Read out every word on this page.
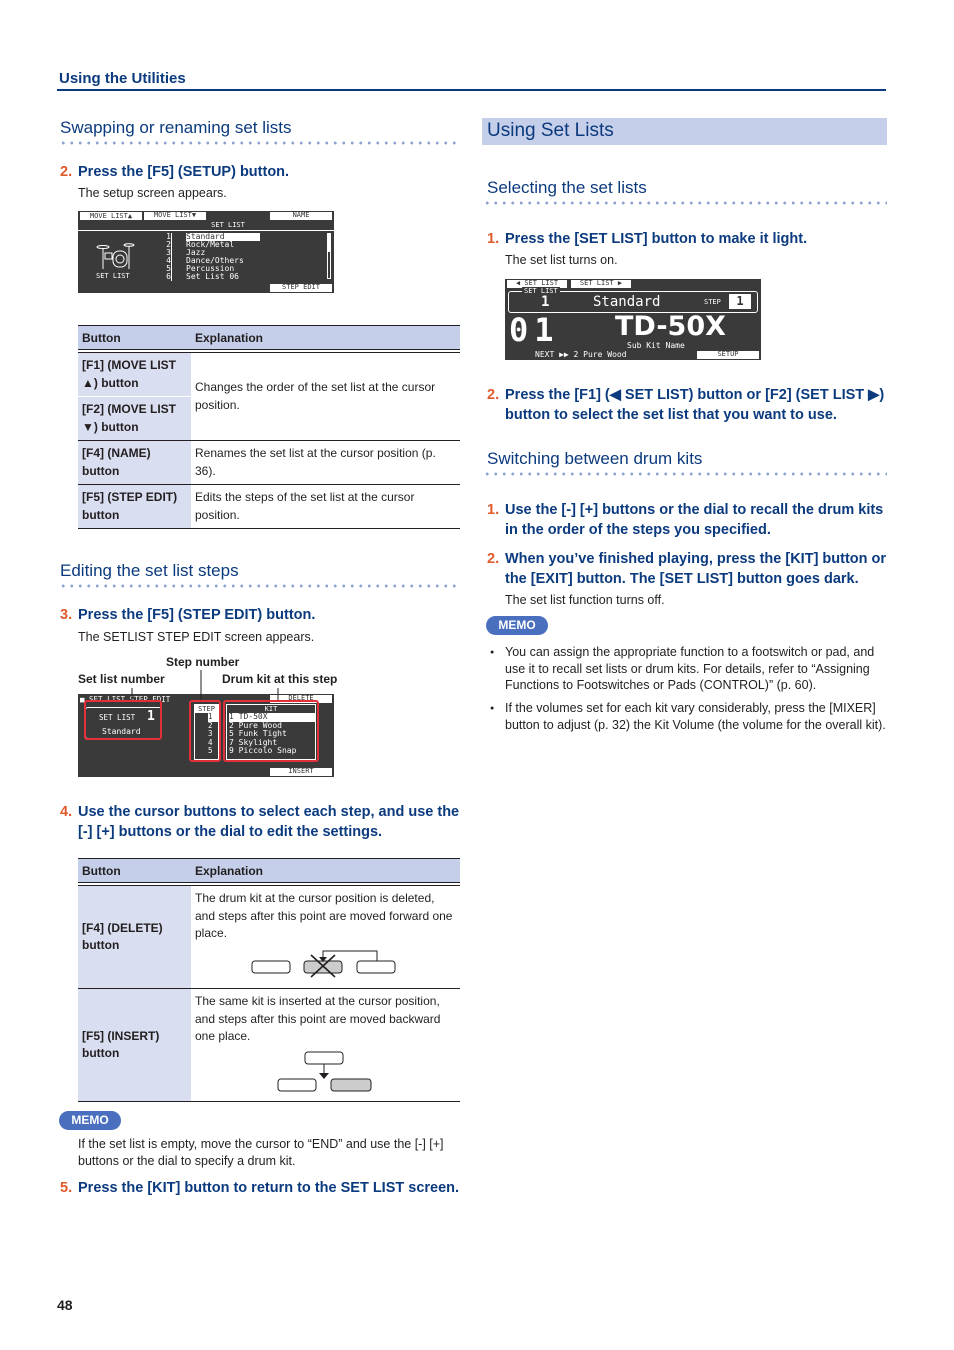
Using the Utilities
Swapping or renaming set lists
2. Press the [F5] (SETUP) button.
The setup screen appears.
MOVE LIST▲	MOVE LIST▼	NAME
SET LIST
SET LIST
1
2
3
4
5
6
Standard
Rock/Metal
Jazz
Dance/Others
Percussion
Set List 06
STEP EDIT
Button	Explanation

[F1] (MOVE LIST ▲) button	Changes the order of the set list at the cursor position.
[F2] (MOVE LIST ▼) button	
[F4] (NAME) button	Renames the set list at the cursor position (p. 36).
[F5] (STEP EDIT) button	Edits the steps of the set list at the cursor position.
Editing the set list steps
3. Press the [F5] (STEP EDIT) button.
The SETLIST STEP EDIT screen appears.
Step number
Set list number	Drum kit at this step
■ SET LIST STEP EDIT	DELETE
SET LIST 1
Standard
STEP
1
2
3
4
5
KIT
1 TD-50X
2 Pure Wood
5 Funk Tight
7 Skylight
9 Piccolo Snap
INSERT
4. Use the cursor buttons to select each step, and use the [-] [+] buttons or the dial to edit the settings.
Button	Explanation

[F4] (DELETE) button	The drum kit at the cursor position is deleted, and steps after this point are moved forward one place.

[F5] (INSERT) button	The same kit is inserted at the cursor position, and steps after this point are moved backward one place.
MEMO
If the set list is empty, move the cursor to “END” and use the [-] [+] buttons or the dial to specify a drum kit.
5. Press the [KIT] button to return to the SET LIST screen.
Using Set Lists
Selecting the set lists
1. Press the [SET LIST] button to make it light.
The set list turns on.
◀ SET LIST	SET LIST ▶
SET LIST
1	Standard	STEP	1
01 TD-50X
Sub Kit Name
NEXT ▶▶ 2 Pure Wood	SETUP
2. Press the [F1] (◀ SET LIST) button or [F2] (SET LIST ▶) button to select the set list that you want to use.
Switching between drum kits
1. Use the [-] [+] buttons or the dial to recall the drum kits in the order of the steps you specified.
2. When you’ve finished playing, press the [KIT] button or the [EXIT] button. The [SET LIST] button goes dark.
The set list function turns off.
MEMO
● You can assign the appropriate function to a footswitch or pad, and use it to recall set lists or drum kits. For details, refer to “Assigning Functions to Footswitches or Pads (CONTROL)” (p. 60).
● If the volumes set for each kit vary considerably, press the [MIXER] button to adjust (p. 32) the Kit Volume (the volume for the overall kit).
48
